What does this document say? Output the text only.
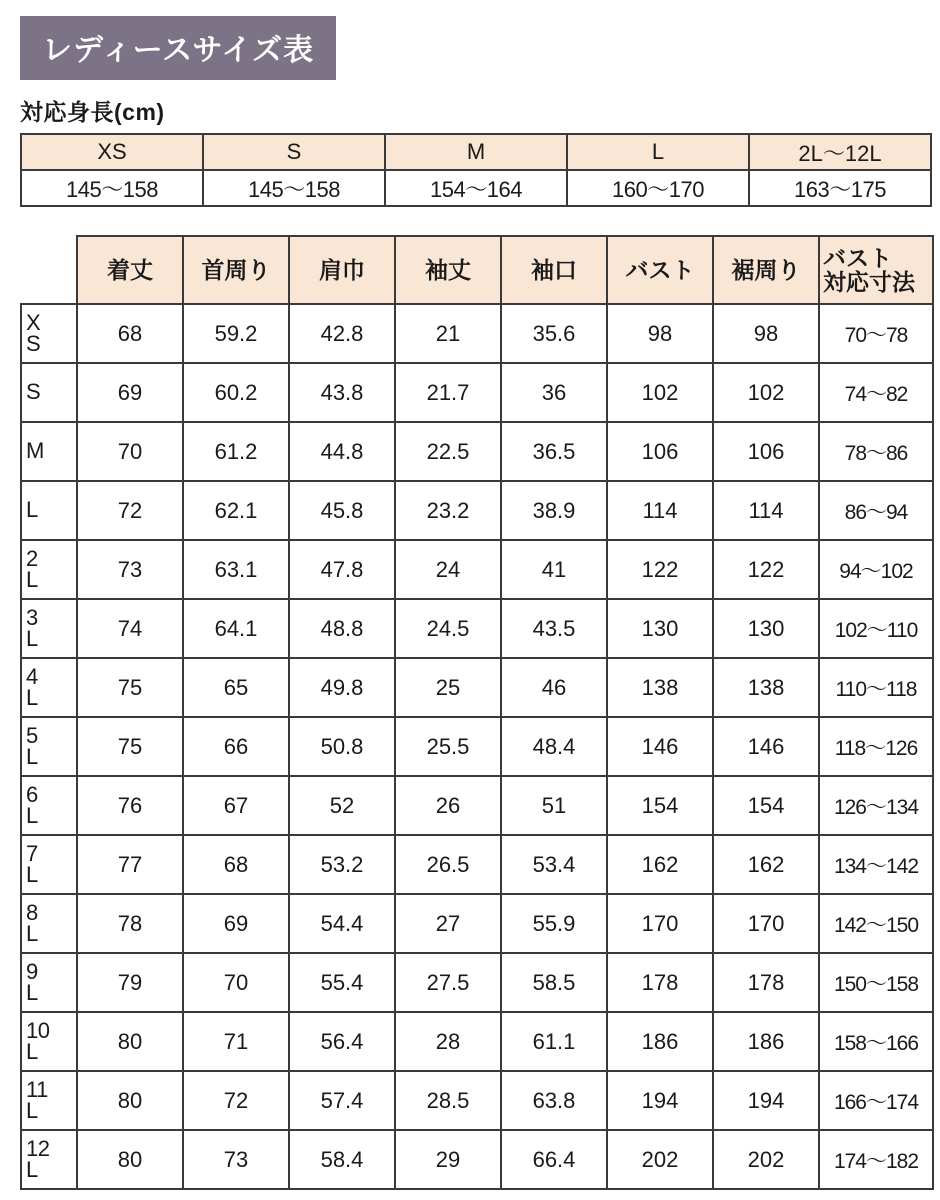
レディースサイズ表
対応身長(cm)
XS	S	M	L	2L〜12L
145〜158	145〜158	154〜164	160〜170	163〜175
	着丈	首周り	肩巾	袖丈	袖口	バスト	裾周り	バスト
対応寸法

X
S	68	59.2	42.8	21	35.6	98	98	70〜78

S	69	60.2	43.8	21.7	36	102	102	74〜82

M	70	61.2	44.8	22.5	36.5	106	106	78〜86

L	72	62.1	45.8	23.2	38.9	114	114	86〜94

2
L	73	63.1	47.8	24	41	122	122	94〜102

3
L	74	64.1	48.8	24.5	43.5	130	130	102〜110

4
L	75	65	49.8	25	46	138	138	110〜118

5
L	75	66	50.8	25.5	48.4	146	146	118〜126

6
L	76	67	52	26	51	154	154	126〜134

7
L	77	68	53.2	26.5	53.4	162	162	134〜142

8
L	78	69	54.4	27	55.9	170	170	142〜150

9
L	79	70	55.4	27.5	58.5	178	178	150〜158

10
L	80	71	56.4	28	61.1	186	186	158〜166

11
L	80	72	57.4	28.5	63.8	194	194	166〜174

12
L	80	73	58.4	29	66.4	202	202	174〜182
